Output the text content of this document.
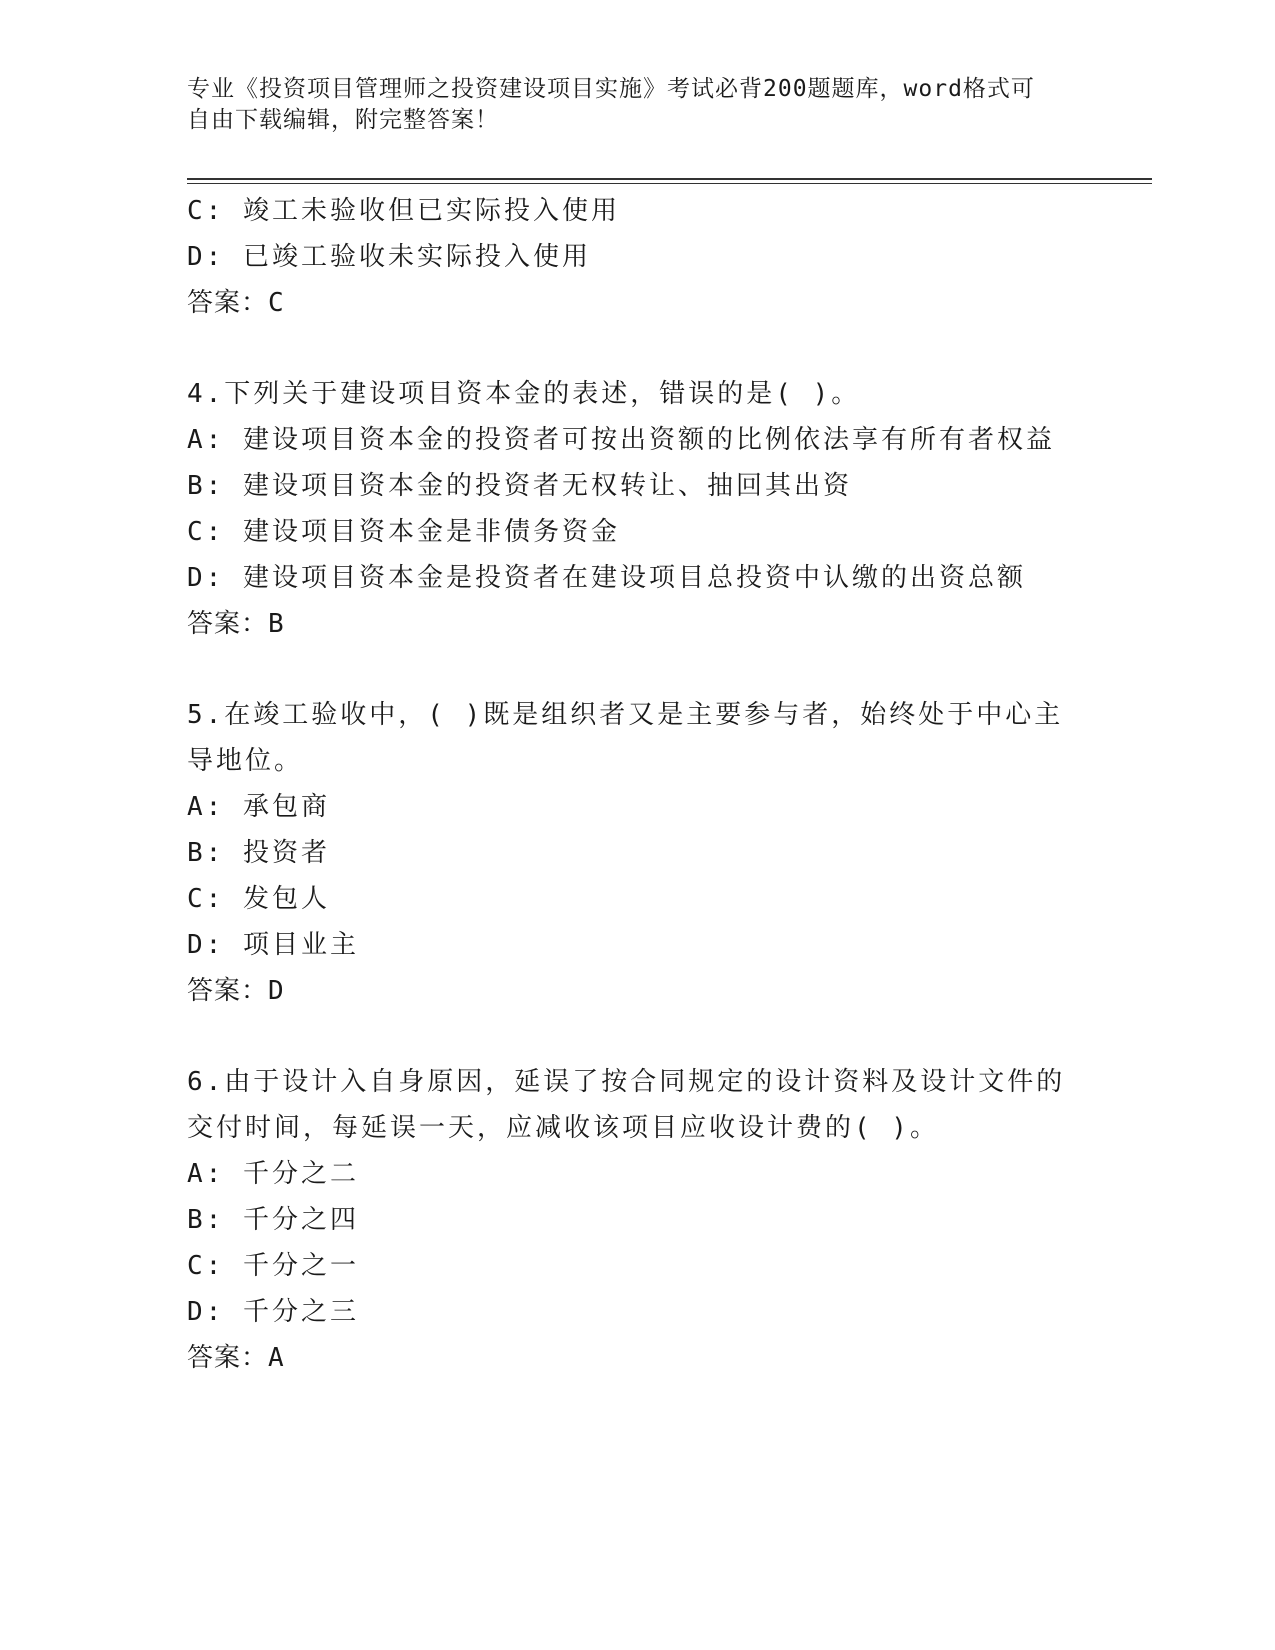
专业《投资项目管理师之投资建设项目实施》考试必背200题题库，word格式可
自由下载编辑，附完整答案！
C: 竣工未验收但已实际投入使用
D: 已竣工验收未实际投入使用
答案：C
4.下列关于建设项目资本金的表述，错误的是( )。
A: 建设项目资本金的投资者可按出资额的比例依法享有所有者权益
B: 建设项目资本金的投资者无权转让、抽回其出资
C: 建设项目资本金是非债务资金
D: 建设项目资本金是投资者在建设项目总投资中认缴的出资总额
答案：B
5.在竣工验收中，( )既是组织者又是主要参与者，始终处于中心主
导地位。
A: 承包商
B: 投资者
C: 发包人
D: 项目业主
答案：D
6.由于设计入自身原因，延误了按合同规定的设计资料及设计文件的
交付时间，每延误一天，应减收该项目应收设计费的( )。
A: 千分之二
B: 千分之四
C: 千分之一
D: 千分之三
答案：A
